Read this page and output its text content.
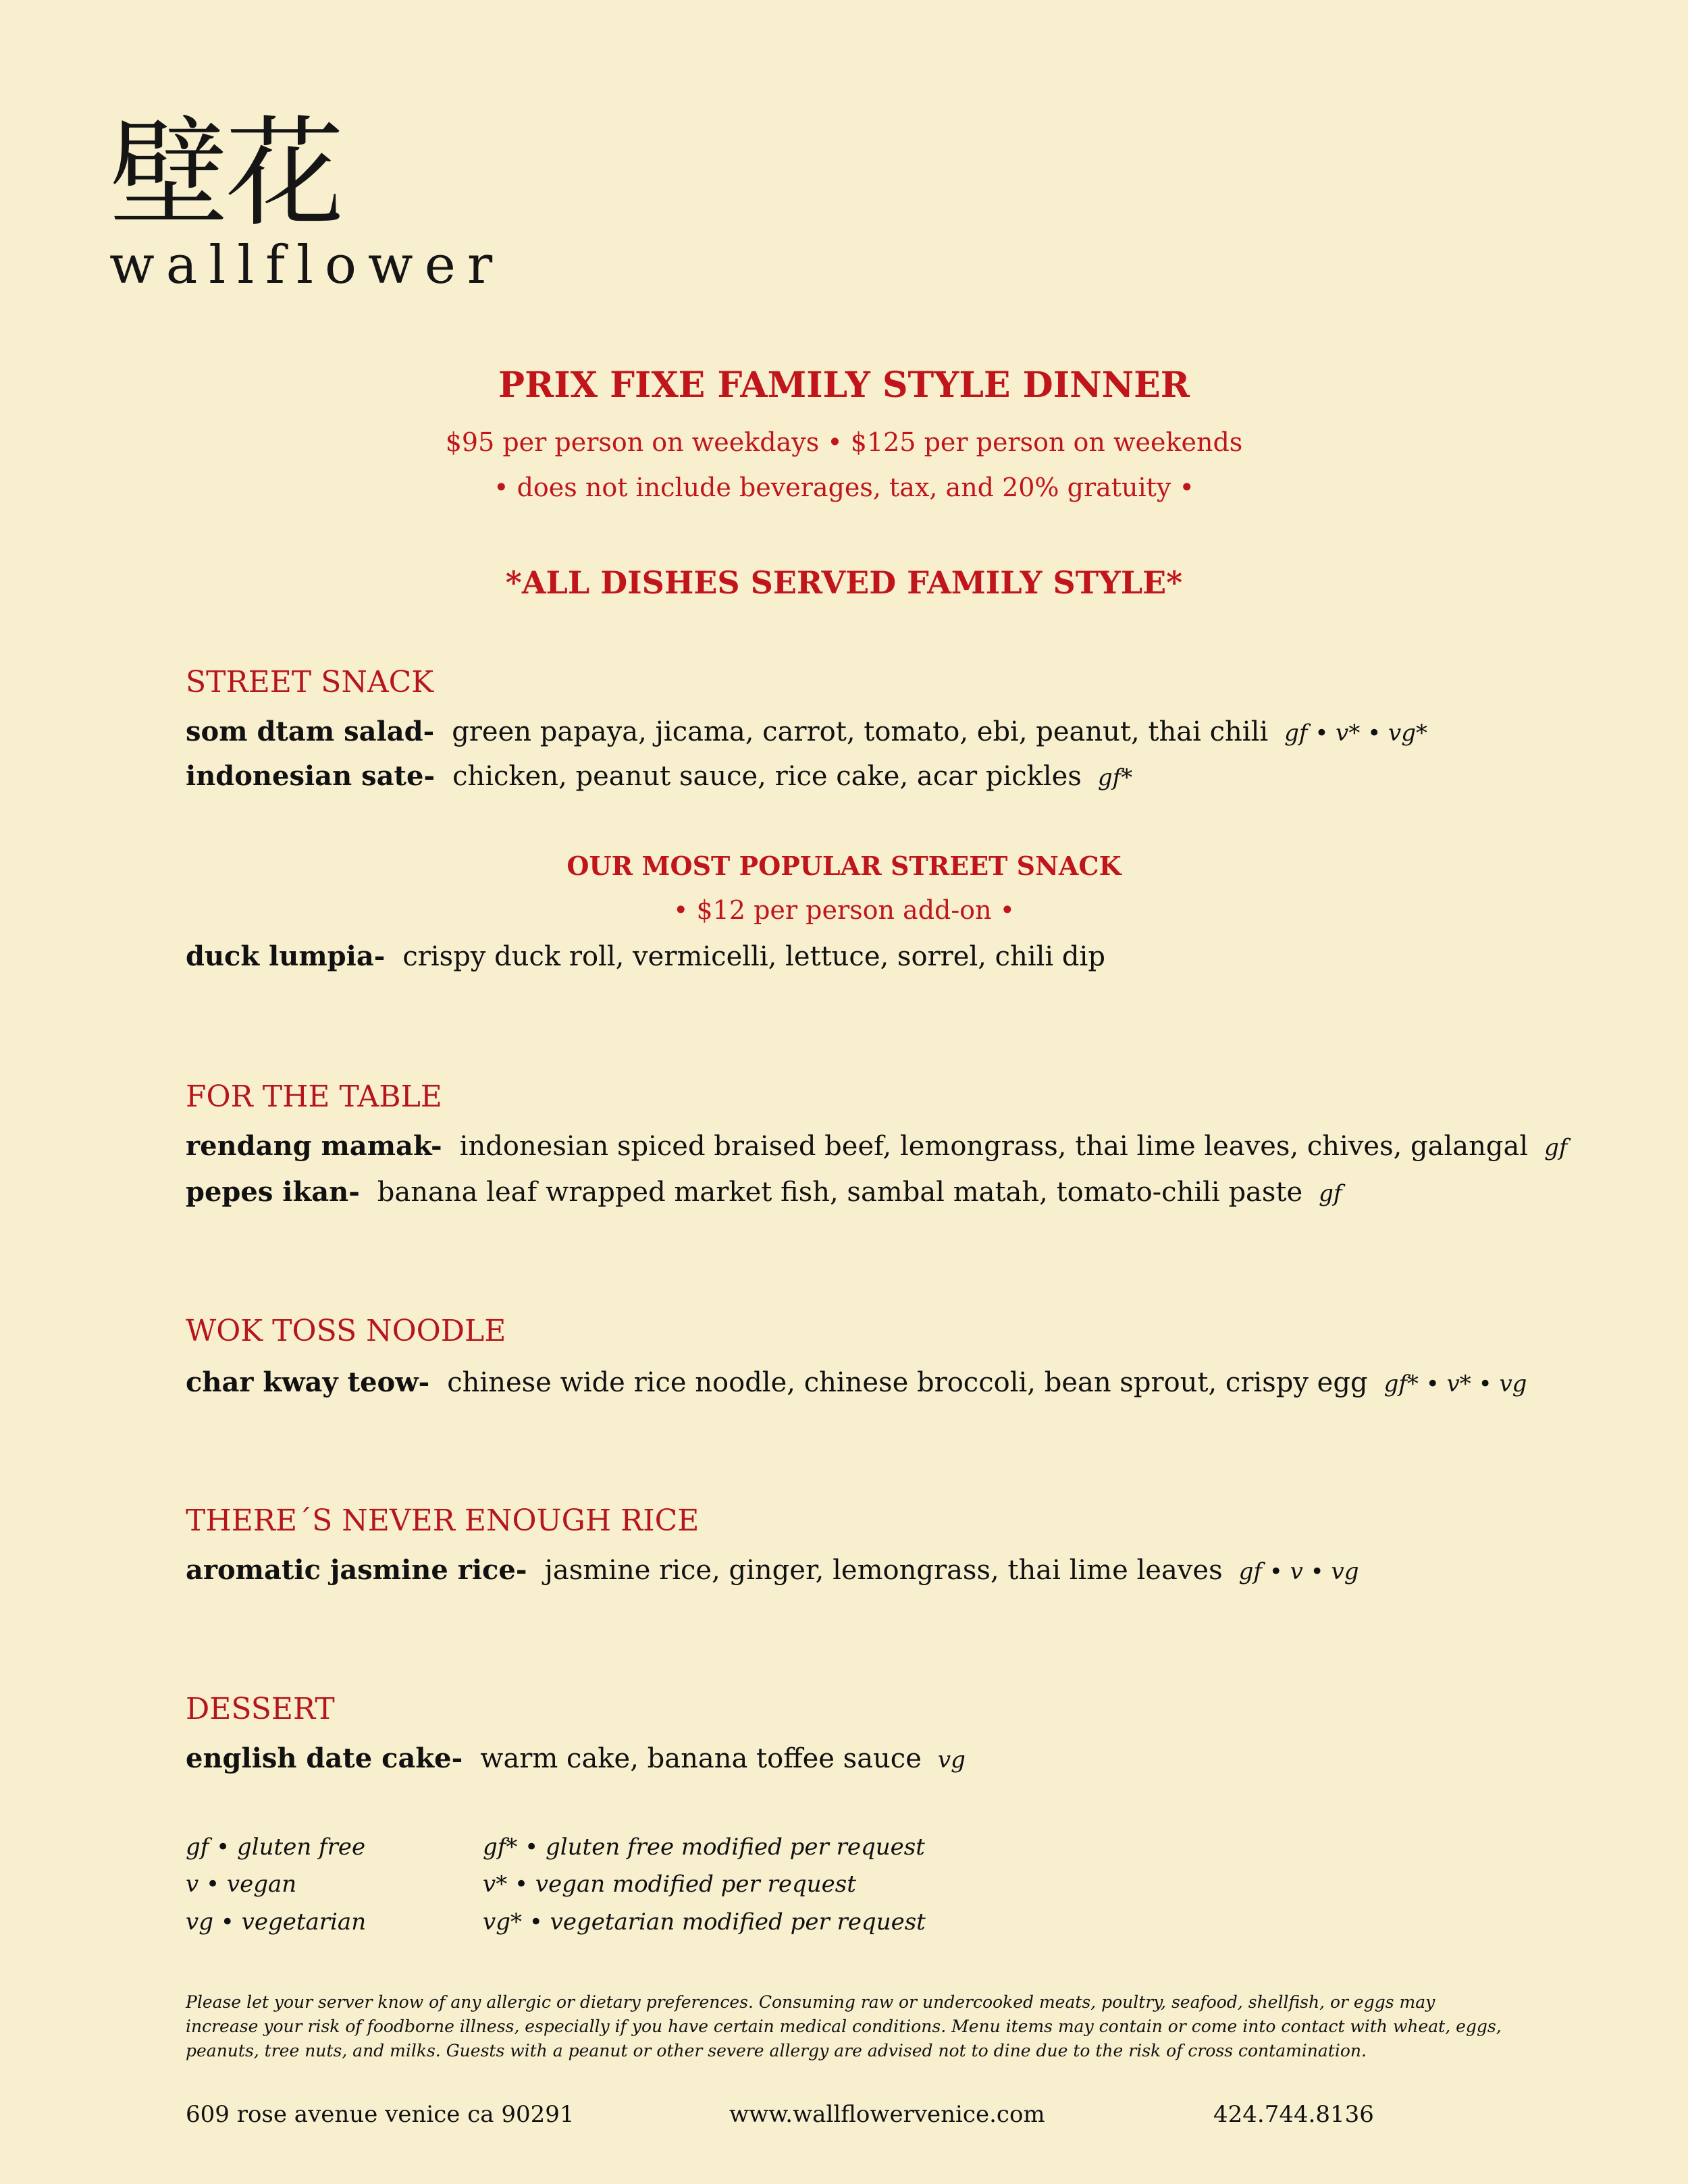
壁花
wallflower
PRIX FIXE FAMILY STYLE DINNER
$95 per person on weekdays • $125 per person on weekends
• does not include beverages, tax, and 20% gratuity •
*ALL DISHES SERVED FAMILY STYLE*
STREET SNACK
som dtam salad- green papaya, jicama, carrot, tomato, ebi, peanut, thai chili gf • v* • vg*
indonesian sate- chicken, peanut sauce, rice cake, acar pickles gf*
OUR MOST POPULAR STREET SNACK
• $12 per person add-on •
duck lumpia- crispy duck roll, vermicelli, lettuce, sorrel, chili dip
FOR THE TABLE
rendang mamak- indonesian spiced braised beef, lemongrass, thai lime leaves, chives, galangal gf
pepes ikan- banana leaf wrapped market fish, sambal matah, tomato-chili paste gf
WOK TOSS NOODLE
char kway teow- chinese wide rice noodle, chinese broccoli, bean sprout, crispy egg gf* • v* • vg
THERE´S NEVER ENOUGH RICE
aromatic jasmine rice- jasmine rice, ginger, lemongrass, thai lime leaves gf • v • vg
DESSERT
english date cake- warm cake, banana toffee sauce vg
gf • gluten free
v • vegan
vg • vegetarian
gf* • gluten free modified per request
v* • vegan modified per request
vg* • vegetarian modified per request
Please let your server know of any allergic or dietary preferences. Consuming raw or undercooked meats, poultry, seafood, shellfish, or eggs may increase your risk of foodborne illness, especially if you have certain medical conditions. Menu items may contain or come into contact with wheat, eggs, peanuts, tree nuts, and milks. Guests with a peanut or other severe allergy are advised not to dine due to the risk of cross contamination.
609 rose avenue venice ca 90291	www.wallflowervenice.com	424.744.8136
